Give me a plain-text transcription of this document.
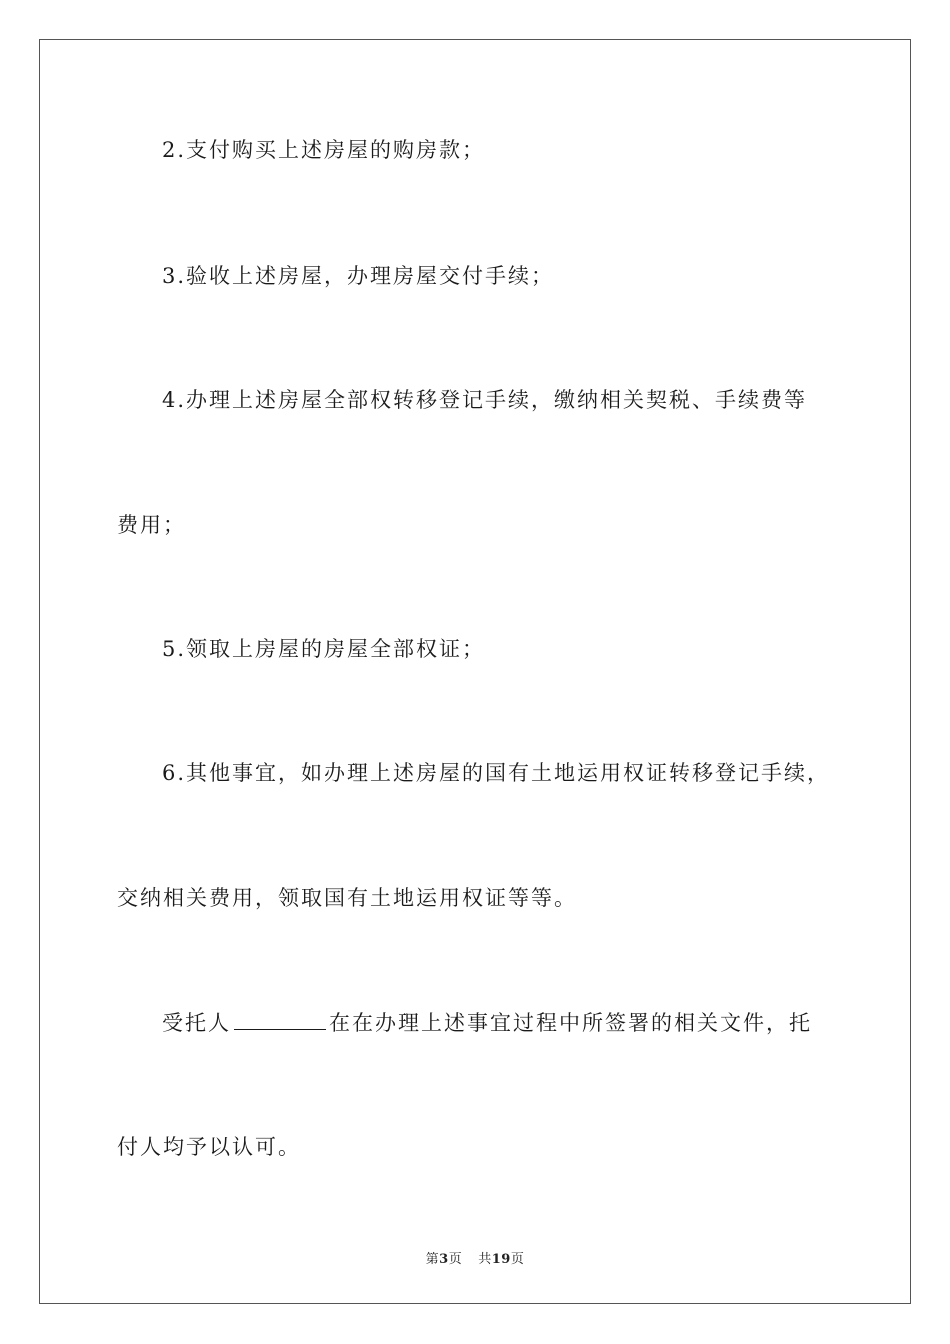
2.支付购买上述房屋的购房款；
3.验收上述房屋，办理房屋交付手续；
4.办理上述房屋全部权转移登记手续，缴纳相关契税、手续费等
费用；
5.领取上房屋的房屋全部权证；
6.其他事宜，如办理上述房屋的国有土地运用权证转移登记手续，
交纳相关费用，领取国有土地运用权证等等。
受托人	在在办理上述事宜过程中所签署的相关文件，托
付人均予以认可。
第3页 共19页
